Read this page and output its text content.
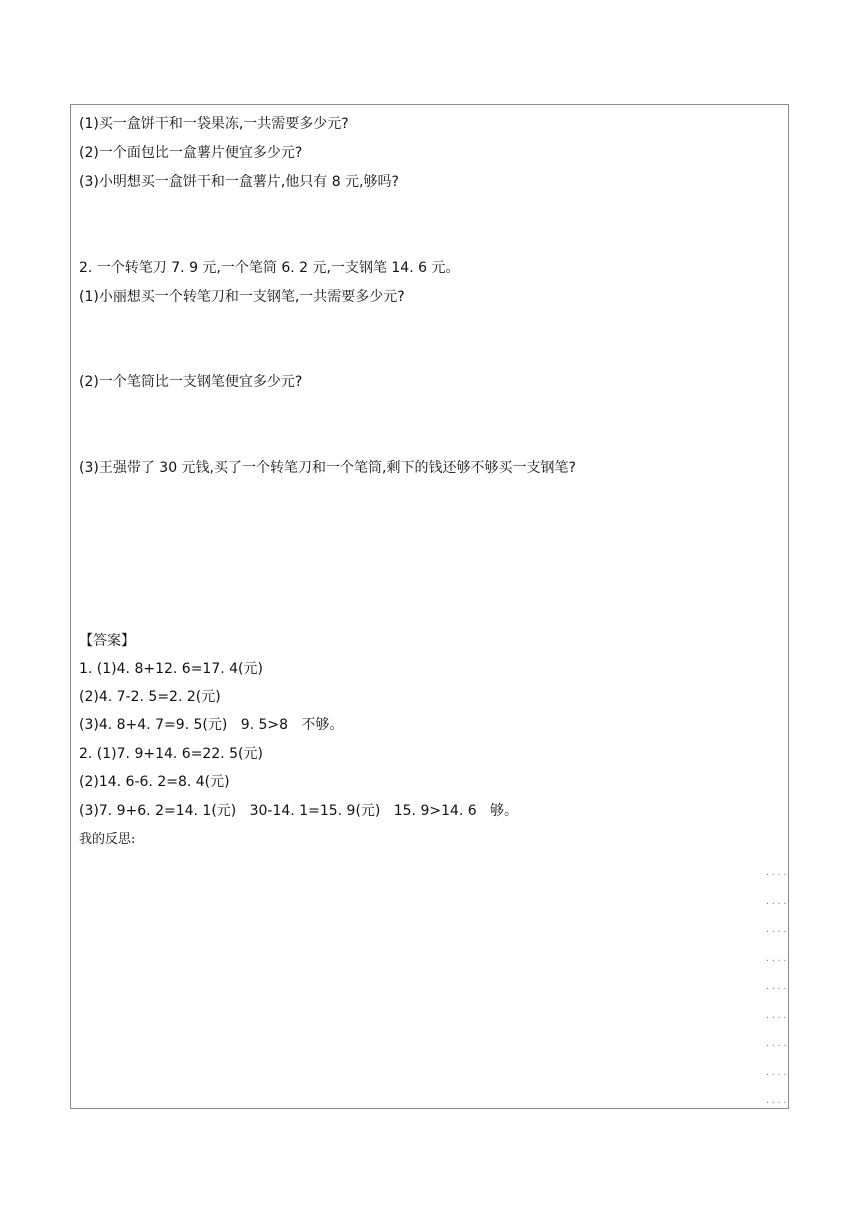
(1)买一盒饼干和一袋果冻,一共需要多少元?
(2)一个面包比一盒薯片便宜多少元?
(3)小明想买一盒饼干和一盒薯片,他只有 8 元,够吗?
2. 一个转笔刀 7. 9 元,一个笔筒 6. 2 元,一支钢笔 14. 6 元。
(1)小丽想买一个转笔刀和一支钢笔,一共需要多少元?
(2)一个笔筒比一支钢笔便宜多少元?
(3)王强带了 30 元钱,买了一个转笔刀和一个笔筒,剩下的钱还够不够买一支钢笔?
【答案】
1. (1)4. 8+12. 6=17. 4(元)
(2)4. 7-2. 5=2. 2(元)
(3)4. 8+4. 7=9. 5(元)   9. 5>8   不够。
2. (1)7. 9+14. 6=22. 5(元)
(2)14. 6-6. 2=8. 4(元)
(3)7. 9+6. 2=14. 1(元)   30-14. 1=15. 9(元)   15. 9>14. 6   够。
我的反思:
····
····
····
····
····
····
····
····
····
